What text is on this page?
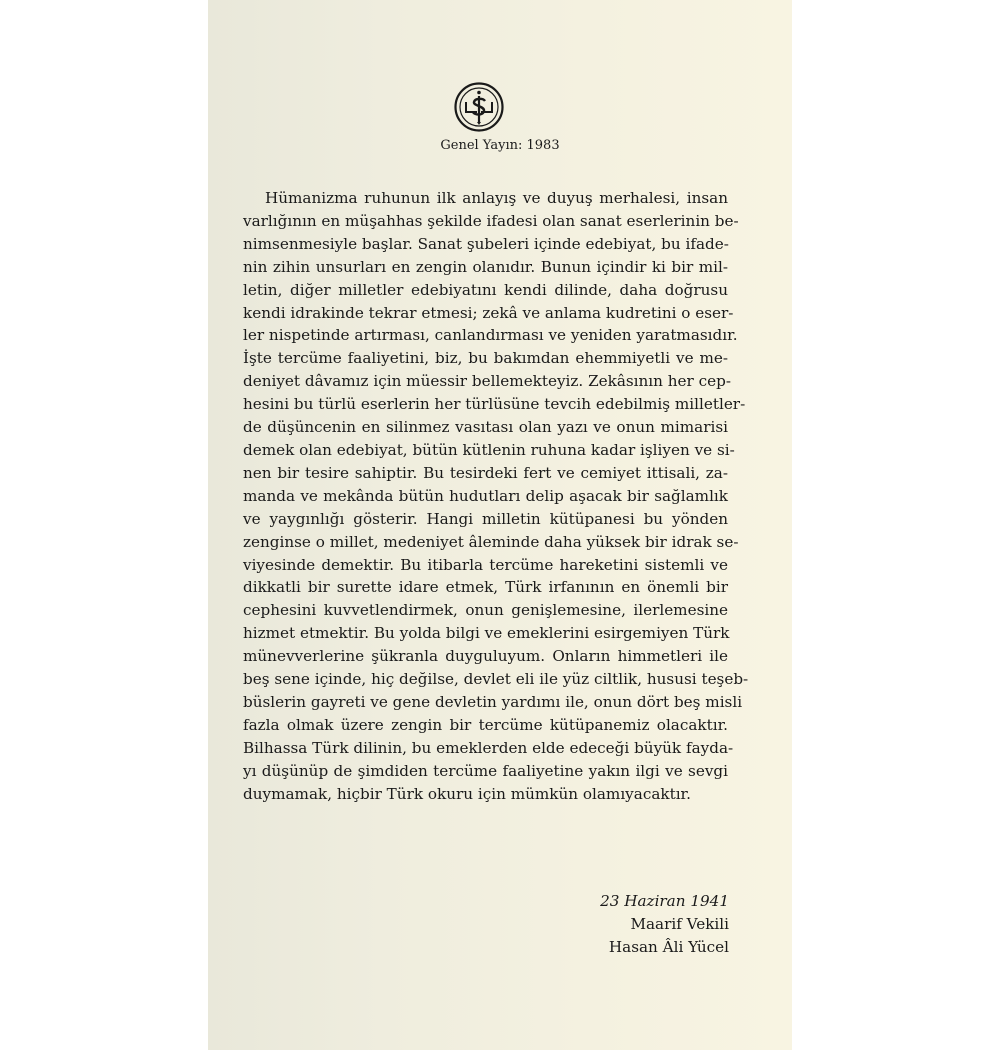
Genel Yayın: 1983
Hümanizma ruhunun ilk anlayış ve duyuş merhalesi, insan
varlığının en müşahhas şekilde ifadesi olan sanat eserlerinin be-
nimsenmesiyle başlar. Sanat şubeleri içinde edebiyat, bu ifade-
nin zihin unsurları en zengin olanıdır. Bunun içindir ki bir mil-
letin, diğer milletler edebiyatını kendi dilinde, daha doğrusu
kendi idrakinde tekrar etmesi; zekâ ve anlama kudretini o eser-
ler nispetinde artırması, canlandırması ve yeniden yaratmasıdır.
İşte tercüme faaliyetini, biz, bu bakımdan ehemmiyetli ve me-
deniyet dâvamız için müessir bellemekteyiz. Zekâsının her cep-
hesini bu türlü eserlerin her türlüsüne tevcih edebilmiş milletler-
de düşüncenin en silinmez vasıtası olan yazı ve onun mimarisi
demek olan edebiyat, bütün kütlenin ruhuna kadar işliyen ve si-
nen bir tesire sahiptir. Bu tesirdeki fert ve cemiyet ittisali, za-
manda ve mekânda bütün hudutları delip aşacak bir sağlamlık
ve yaygınlığı gösterir. Hangi milletin kütüpanesi bu yönden
zenginse o millet, medeniyet âleminde daha yüksek bir idrak se-
viyesinde demektir. Bu itibarla tercüme hareketini sistemli ve
dikkatli bir surette idare etmek, Türk irfanının en önemli bir
cephesini kuvvetlendirmek, onun genişlemesine, ilerlemesine
hizmet etmektir. Bu yolda bilgi ve emeklerini esirgemiyen Türk
münevverlerine şükranla duyguluyum. Onların himmetleri ile
beş sene içinde, hiç değilse, devlet eli ile yüz ciltlik, hususi teşeb-
büslerin gayreti ve gene devletin yardımı ile, onun dört beş misli
fazla olmak üzere zengin bir tercüme kütüpanemiz olacaktır.
Bilhassa Türk dilinin, bu emeklerden elde edeceği büyük fayda-
yı düşünüp de şimdiden tercüme faaliyetine yakın ilgi ve sevgi
duymamak, hiçbir Türk okuru için mümkün olamıyacaktır.
23 Haziran 1941
Maarif Vekili
Hasan Âli Yücel
